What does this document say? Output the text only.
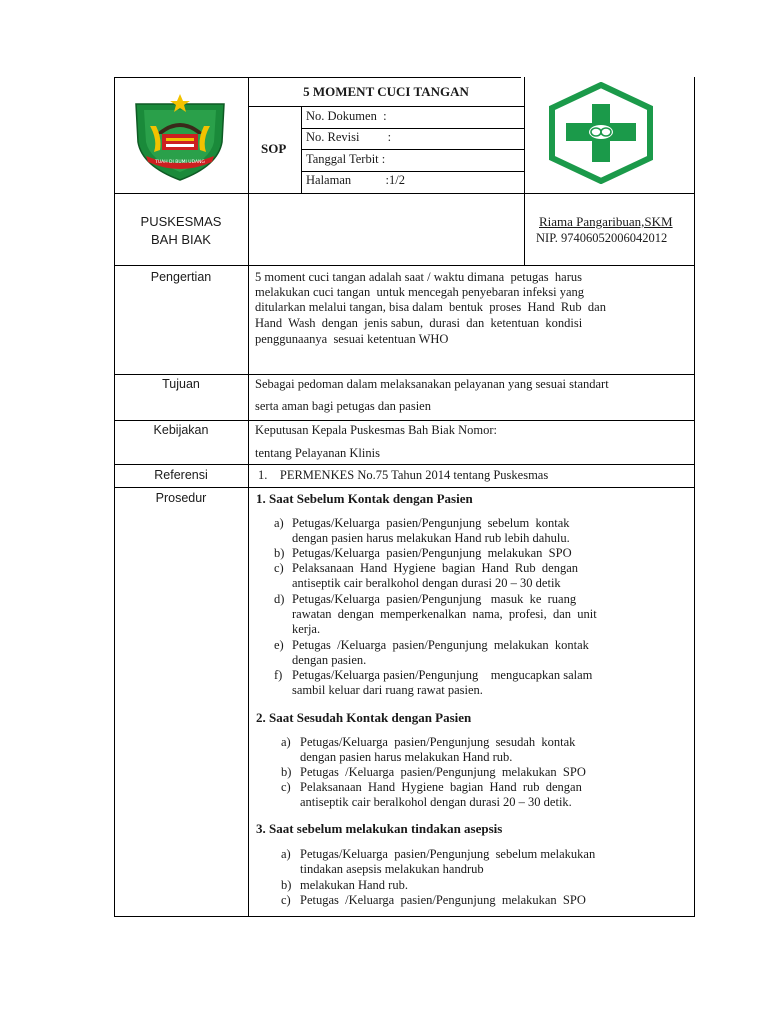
TUAH DI BUMI UDANG
5 MOMENT CUCI TANGAN
SOP
No. Dokumen  :
No. Revisi         :
Tanggal Terbit :
Halaman           :1/2
PUSKESMAS
BAH BIAK
Riama Pangaribuan,SKM
NIP. 97406052006042012
Pengertian	5 moment cuci tangan adalah saat / waktu dimana  petugas  harus
melakukan cuci tangan  untuk mencegah penyebaran infeksi yang
ditularkan melalui tangan, bisa dalam  bentuk  proses  Hand  Rub  dan
Hand  Wash  dengan  jenis sabun,  durasi  dan  ketentuan  kondisi
penggunaanya  sesuai ketentuan WHO
Tujuan	Sebagai pedoman dalam melaksanakan pelayanan yang sesuai standart
serta aman bagi petugas dan pasien
Kebijakan	Keputusan Kepala Puskesmas Bah Biak Nomor:
tentang Pelayanan Klinis
Referensi	1.    PERMENKES No.75 Tahun 2014 tentang Puskesmas
Prosedur	1. Saat Sebelum Kontak dengan Pasien
a) Petugas/Keluarga  pasien/Pengunjung  sebelum  kontak
dengan pasien harus melakukan Hand rub lebih dahulu.
b) Petugas/Keluarga  pasien/Pengunjung  melakukan  SPO
c) Pelaksanaan  Hand  Hygiene  bagian  Hand  Rub  dengan
antiseptik cair beralkohol dengan durasi 20 – 30 detik
d) Petugas/Keluarga  pasien/Pengunjung   masuk  ke  ruang
rawatan  dengan  memperkenalkan  nama,  profesi,  dan  unit
kerja.
e) Petugas  /Keluarga  pasien/Pengunjung  melakukan  kontak
dengan pasien.
f) Petugas/Keluarga pasien/Pengunjung    mengucapkan salam
sambil keluar dari ruang rawat pasien.
2. Saat Sesudah Kontak dengan Pasien
a) Petugas/Keluarga  pasien/Pengunjung  sesudah  kontak
dengan pasien harus melakukan Hand rub.
b) Petugas  /Keluarga  pasien/Pengunjung  melakukan  SPO
c) Pelaksanaan  Hand  Hygiene  bagian  Hand  rub  dengan
antiseptik cair beralkohol dengan durasi 20 – 30 detik.
3. Saat sebelum melakukan tindakan asepsis
a) Petugas/Keluarga  pasien/Pengunjung  sebelum melakukan
tindakan asepsis melakukan handrub
b) melakukan Hand rub.
c) Petugas  /Keluarga  pasien/Pengunjung  melakukan  SPO
